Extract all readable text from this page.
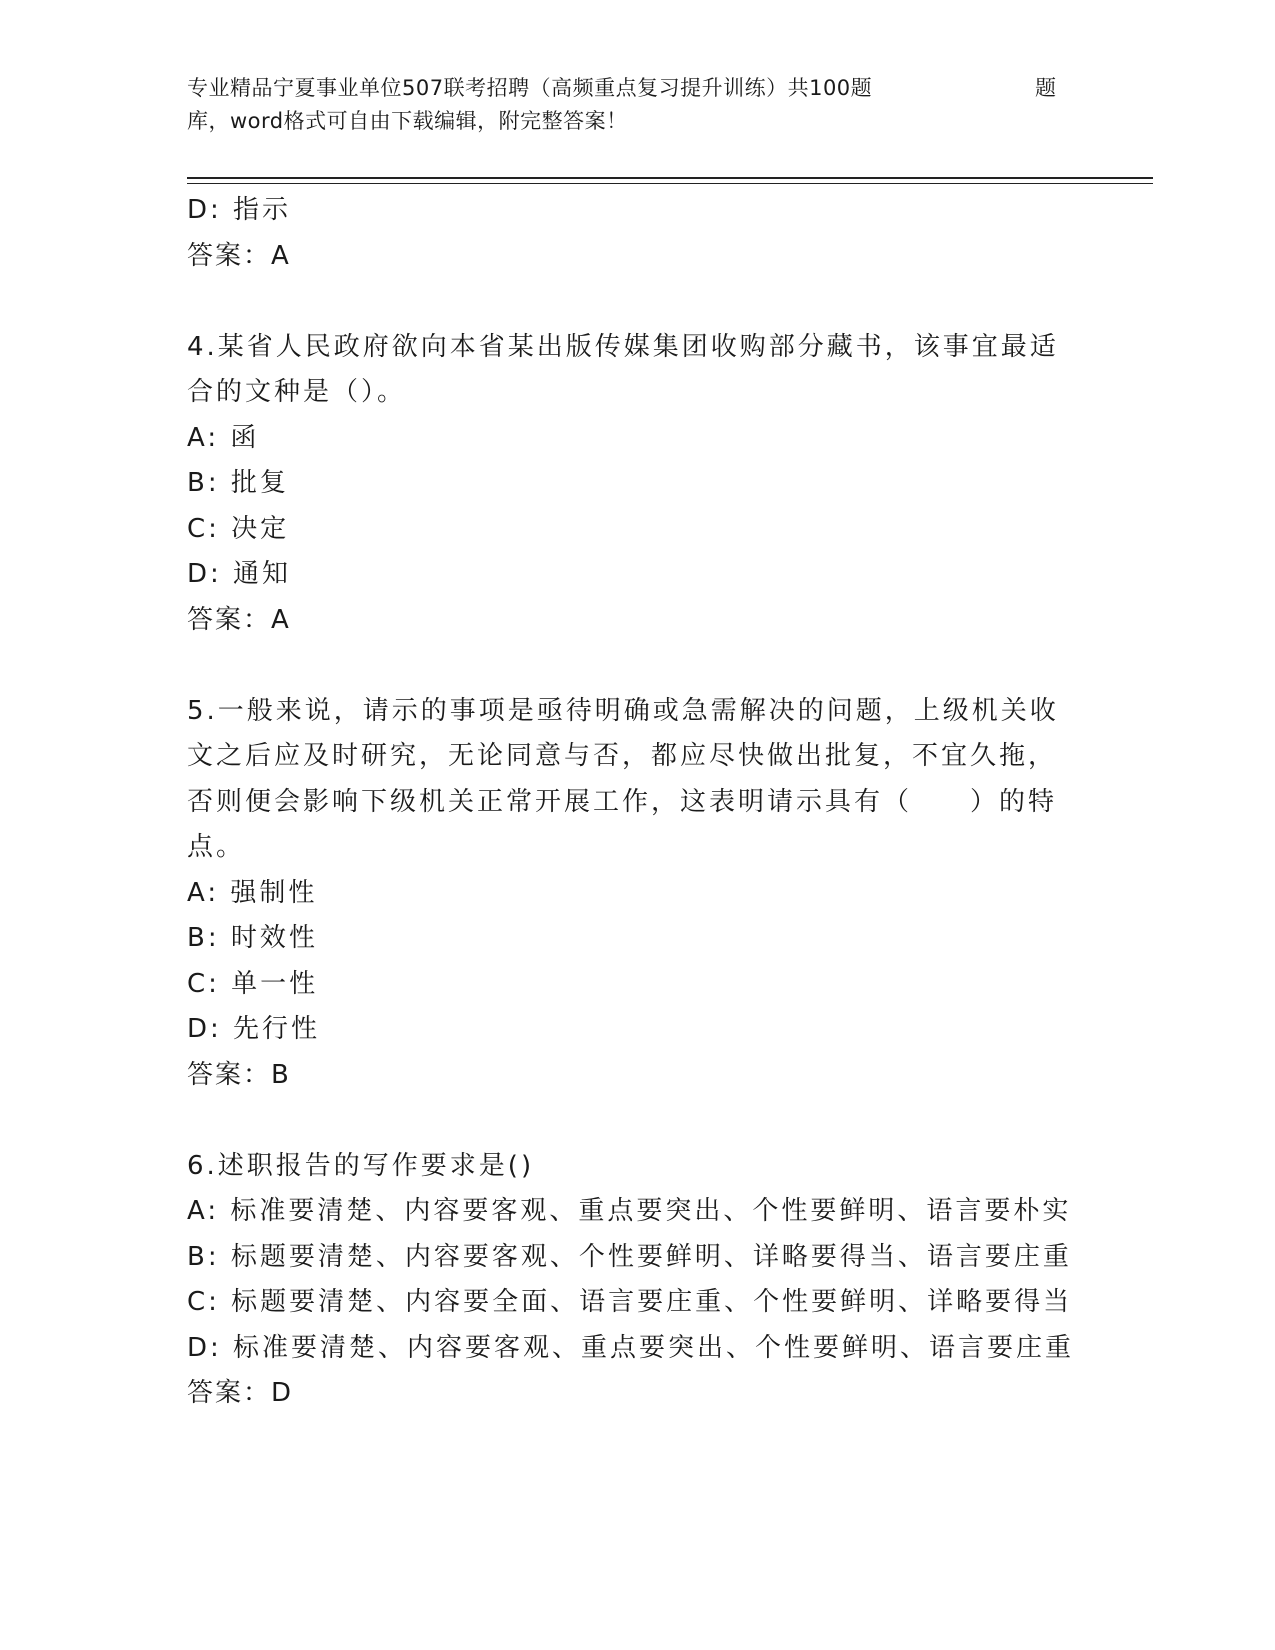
专业精品宁夏事业单位507联考招聘（高频重点复习提升训练）共100题	题
库，word格式可自由下载编辑，附完整答案！
D: 指示
答案：A
4.某省人民政府欲向本省某出版传媒集团收购部分藏书，该事宜最适
合的文种是（）。
A: 函
B: 批复
C: 决定
D: 通知
答案：A
5.一般来说，请示的事项是亟待明确或急需解决的问题，上级机关收
文之后应及时研究，无论同意与否，都应尽快做出批复，不宜久拖，
否则便会影响下级机关正常开展工作，这表明请示具有（　　）的特
点。
A: 强制性
B: 时效性
C: 单一性
D: 先行性
答案：B
6.述职报告的写作要求是()
A: 标准要清楚、内容要客观、重点要突出、个性要鲜明、语言要朴实
B: 标题要清楚、内容要客观、个性要鲜明、详略要得当、语言要庄重
C: 标题要清楚、内容要全面、语言要庄重、个性要鲜明、详略要得当
D: 标准要清楚、内容要客观、重点要突出、个性要鲜明、语言要庄重
答案：D
